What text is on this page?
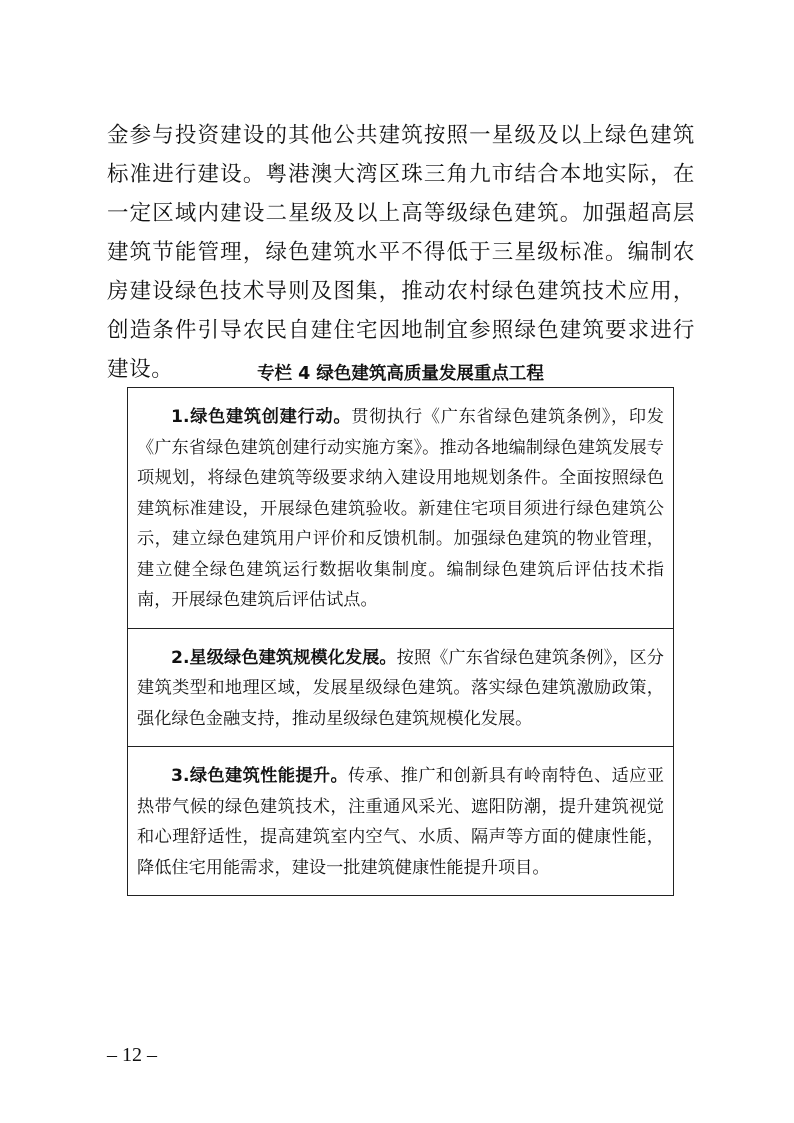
金参与投资建设的其他公共建筑按照一星级及以上绿色建筑标准进行建设。粤港澳大湾区珠三角九市结合本地实际，在一定区域内建设二星级及以上高等级绿色建筑。加强超高层建筑节能管理，绿色建筑水平不得低于三星级标准。编制农房建设绿色技术导则及图集，推动农村绿色建筑技术应用，创造条件引导农民自建住宅因地制宜参照绿色建筑要求进行建设。	专栏 4 绿色建筑高质量发展重点工程
1.绿色建筑创建行动。贯彻执行《广东省绿色建筑条例》，印发《广东省绿色建筑创建行动实施方案》。推动各地编制绿色建筑发展专项规划，将绿色建筑等级要求纳入建设用地规划条件。全面按照绿色建筑标准建设，开展绿色建筑验收。新建住宅项目须进行绿色建筑公示，建立绿色建筑用户评价和反馈机制。加强绿色建筑的物业管理，建立健全绿色建筑运行数据收集制度。编制绿色建筑后评估技术指南，开展绿色建筑后评估试点。
2.星级绿色建筑规模化发展。按照《广东省绿色建筑条例》，区分建筑类型和地理区域，发展星级绿色建筑。落实绿色建筑激励政策，强化绿色金融支持，推动星级绿色建筑规模化发展。
3.绿色建筑性能提升。传承、推广和创新具有岭南特色、适应亚热带气候的绿色建筑技术，注重通风采光、遮阳防潮，提升建筑视觉和心理舒适性，提高建筑室内空气、水质、隔声等方面的健康性能，降低住宅用能需求，建设一批建筑健康性能提升项目。
– 12 –
